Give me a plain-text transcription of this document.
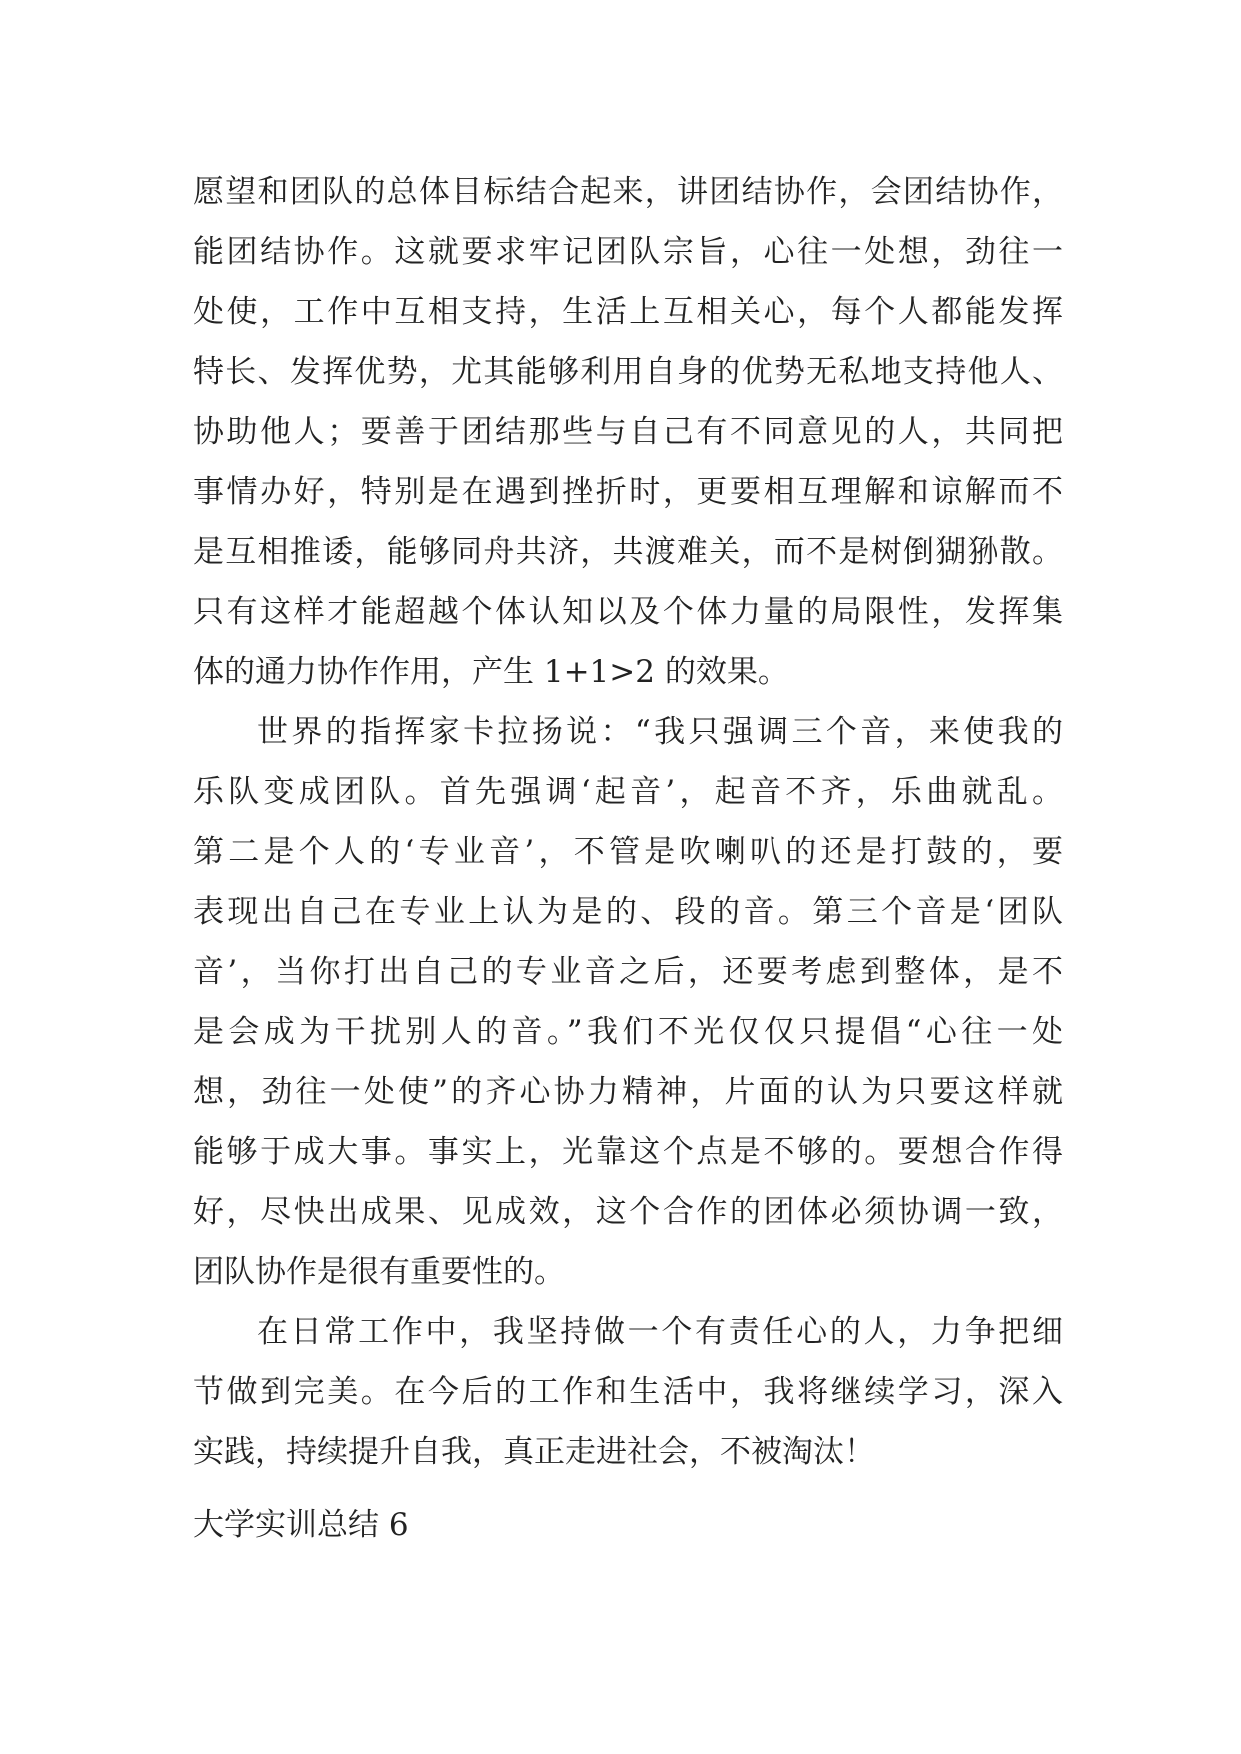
愿望和团队的总体目标结合起来，讲团结协作，会团结协作，
能团结协作。这就要求牢记团队宗旨，心往一处想，劲往一
处使，工作中互相支持，生活上互相关心，每个人都能发挥
特长、发挥优势，尤其能够利用自身的优势无私地支持他人、
协助他人；要善于团结那些与自己有不同意见的人，共同把
事情办好，特别是在遇到挫折时，更要相互理解和谅解而不
是互相推诿，能够同舟共济，共渡难关，而不是树倒猢狲散。
只有这样才能超越个体认知以及个体力量的局限性，发挥集
体的通力协作作用，产生 1+1>2 的效果。
世界的指挥家卡拉扬说：“我只强调三个音，来使我的
乐队变成团队。首先强调‘起音’，起音不齐，乐曲就乱。
第二是个人的‘专业音’，不管是吹喇叭的还是打鼓的，要
表现出自己在专业上认为是的、段的音。第三个音是‘团队
音’，当你打出自己的专业音之后，还要考虑到整体，是不
是会成为干扰别人的音。”我们不光仅仅只提倡“心往一处
想，劲往一处使”的齐心协力精神，片面的认为只要这样就
能够于成大事。事实上，光靠这个点是不够的。要想合作得
好，尽快出成果、见成效，这个合作的团体必须协调一致，
团队协作是很有重要性的。
在日常工作中，我坚持做一个有责任心的人，力争把细
节做到完美。在今后的工作和生活中，我将继续学习，深入
实践，持续提升自我，真正走进社会，不被淘汰！
大学实训总结 6
